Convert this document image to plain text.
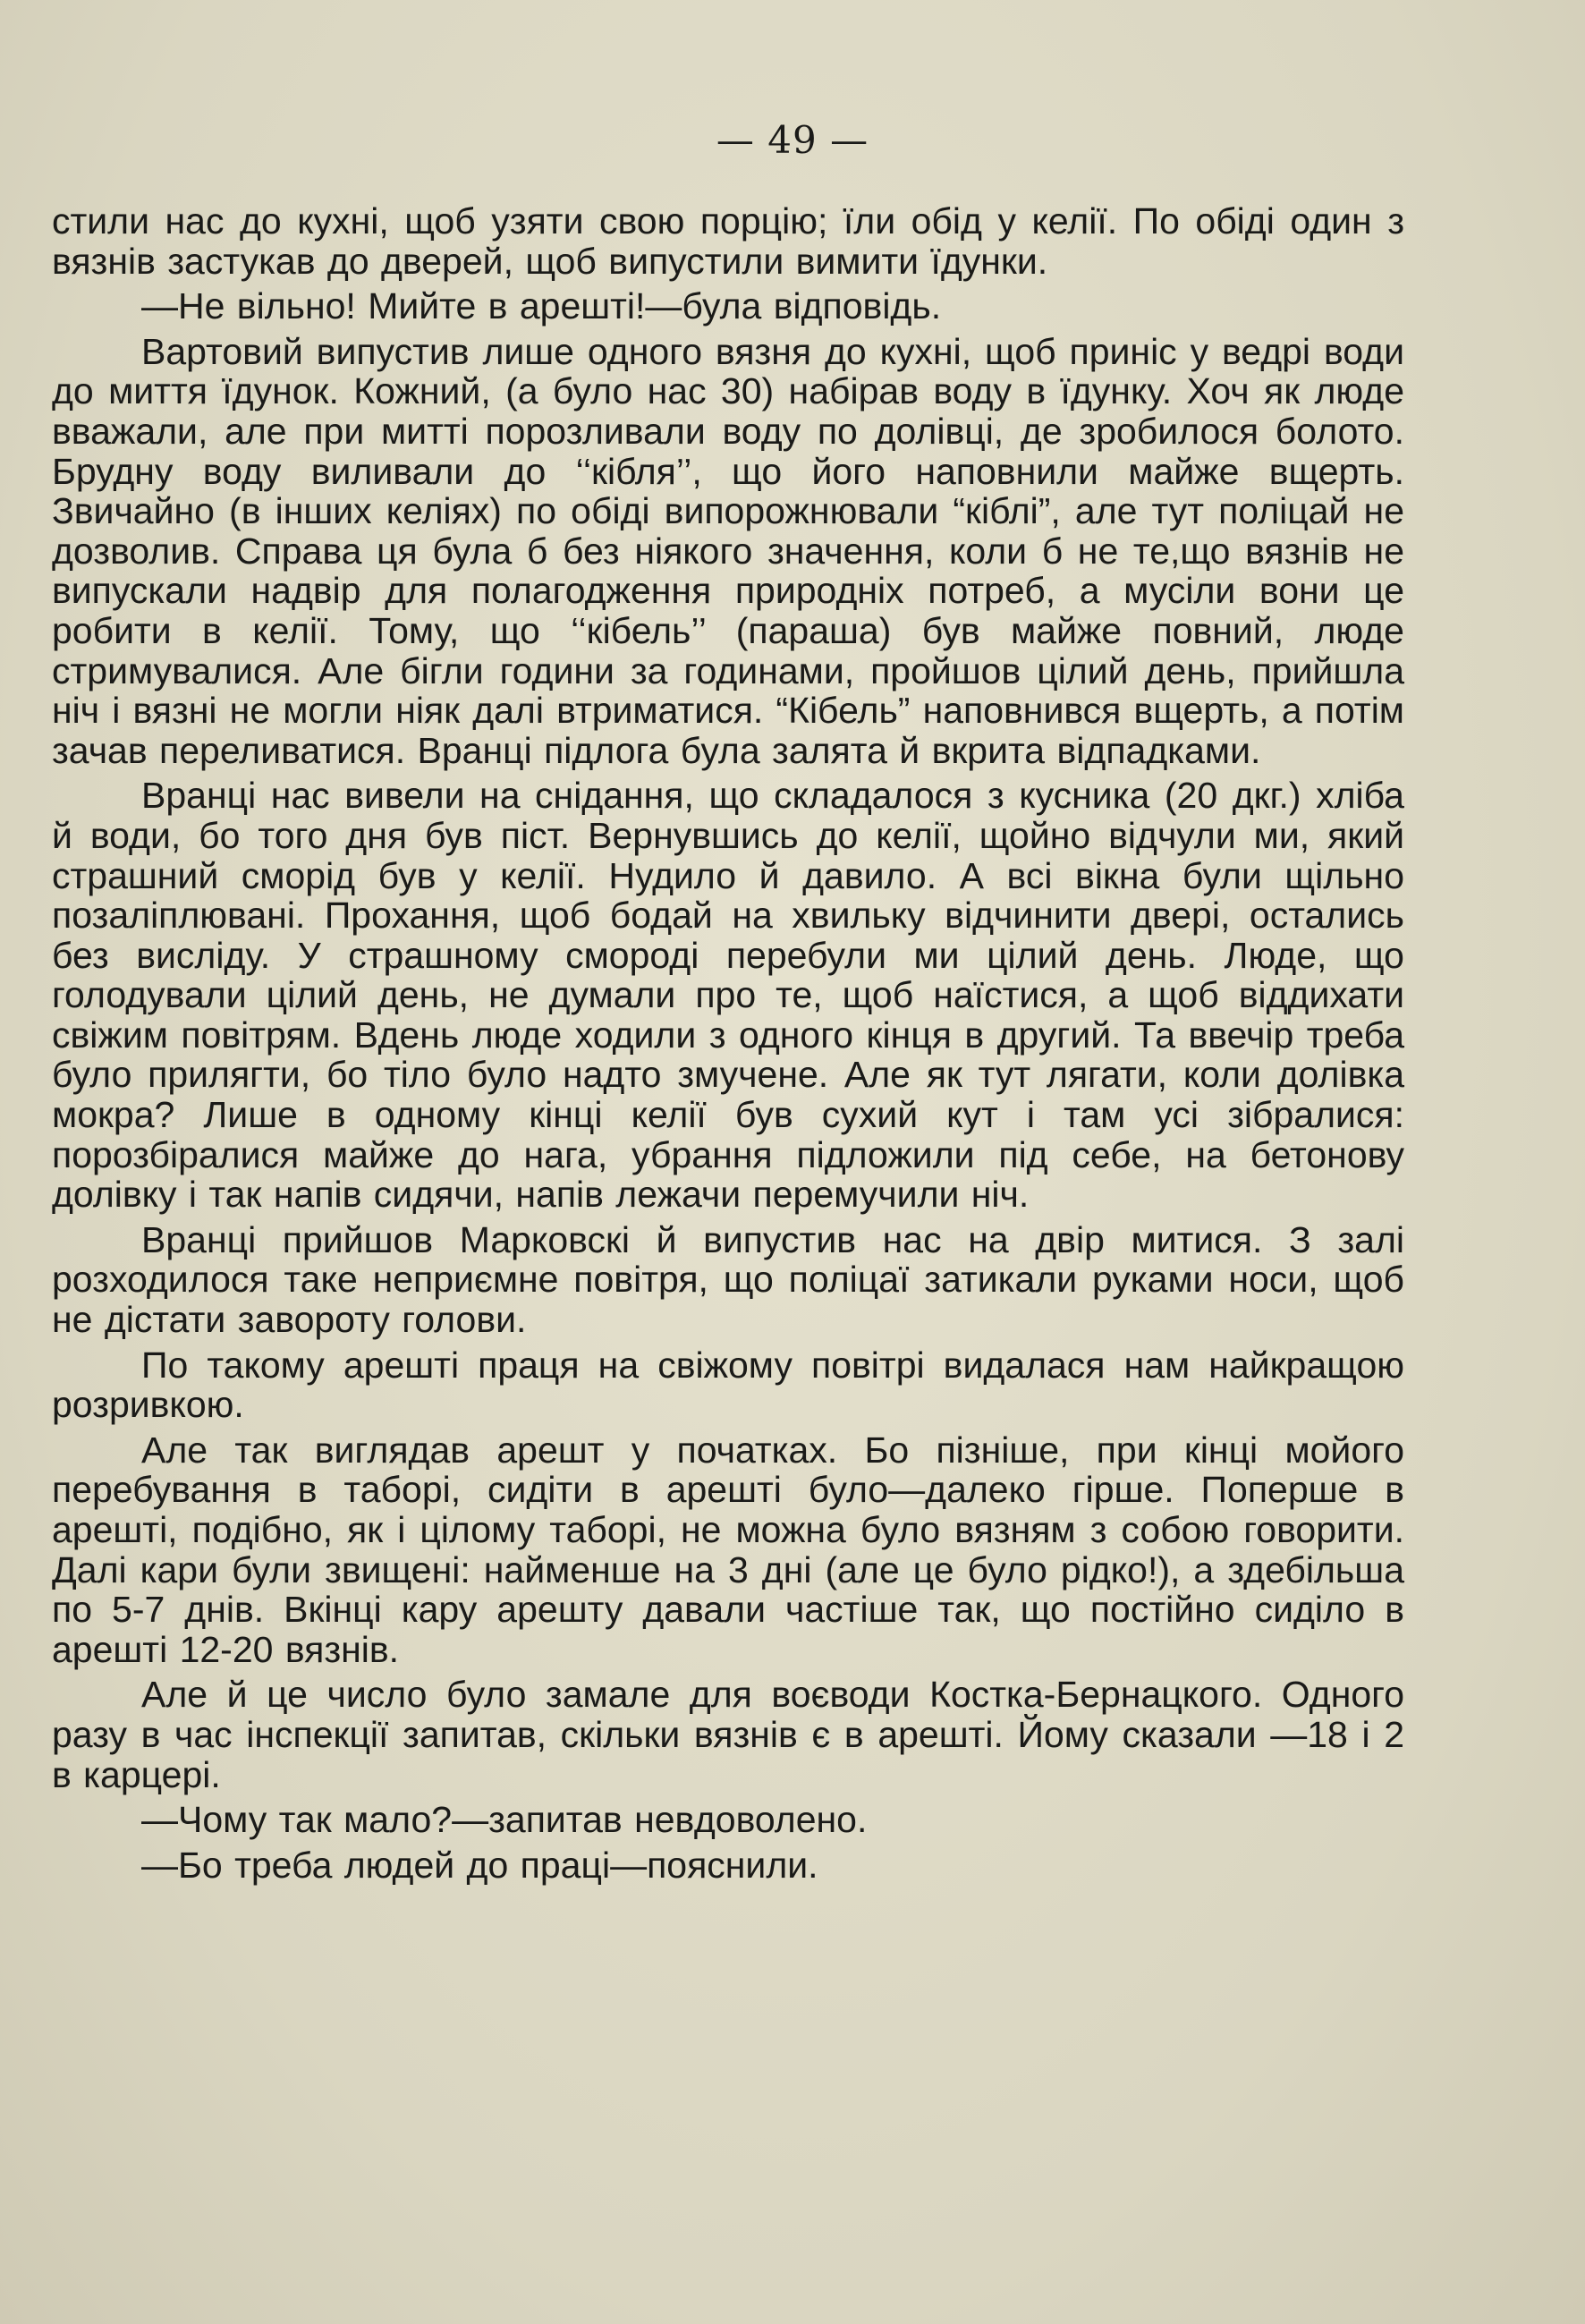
— 49 —

стили нас до кухні, щоб узяти свою порцію; їли обід у келії. По обіді один з вязнів застукав до дверей, щоб випустили вимити їдунки.

—Не вільно! Мийте в арешті!—була відповідь.

Вартовий випустив лише одного вязня до кухні, щоб приніс у ведрі води до миття їдунок. Кожний, (а було нас 30) набірав воду в їдунку. Хоч як люде вважали, але при митті порозливали воду по долівці, де зробилося болото. Брудну воду виливали до ‘‘кібля’’, що його наповнили майже вщерть. Звичайно (в інших келіях) по обіді випорожнювали “кіблі”, але тут поліцай не дозволив. Справа ця була б без ніякого значення, коли б не те,що вязнів не випускали надвір для полагодження природніх потреб, а мусіли вони це робити в келії. Тому, що ‘‘кібель’’ (параша) був майже повний, люде стримувалися. Але бігли години за годинами, пройшов цілий день, прийшла ніч і вязні не могли ніяк далі втриматися. “Кібель” наповнився вщерть, а потім зачав переливатися. Вранці підлога була залята й вкрита відпадками.

Вранці нас вивели на снідання, що складалося з кусника (20 дкг.) хліба й води, бо того дня був піст. Вернувшись до келії, щойно відчули ми, який страшний сморід був у келії. Нудило й давило. А всі вікна були щільно позаліплювані. Прохання, щоб бодай на хвильку відчинити двері, остались без висліду. У страшному смороді перебули ми цілий день. Люде, що голодували цілий день, не думали про те, щоб наїстися, а щоб віддихати свіжим повітрям. Вдень люде ходили з одного кінця в другий. Та ввечір треба було прилягти, бо тіло було надто змучене. Але як тут лягати, коли долівка мокра? Лише в одному кінці келії був сухий кут і там усі зібралися: порозбіралися майже до нага, убрання підложили під себе, на бетонову долівку і так напів сидячи, напів лежачи перемучили ніч.

Вранці прийшов Марковскі й випустив нас на двір митися. З залі розходилося таке неприємне повітря, що поліцаї затикали руками носи, щоб не дістати завороту голови.

По такому арешті праця на свіжому повітрі видалася нам найкращою розривкою.

Але так виглядав арешт у початках. Бо пізніше, при кінці мойого перебування в таборі, сидіти в арешті було—далеко гірше. Поперше в арешті, подібно, як і цілому таборі, не можна було вязням з собою говорити. Далі кари були звищені: найменше на 3 дні (але це було рідко!), а здебільша по 5-7 днів. Вкінці кару арешту давали частіше так, що постійно сиділо в арешті 12-20 вязнів.

Але й це число було замале для воєводи Костка-Бернацкого. Одного разу в час інспекції запитав, скільки вязнів є в арешті. Йому сказали —18 і 2 в карцері.

—Чому так мало?—запитав невдоволено.

—Бо треба людей до праці—пояснили.
